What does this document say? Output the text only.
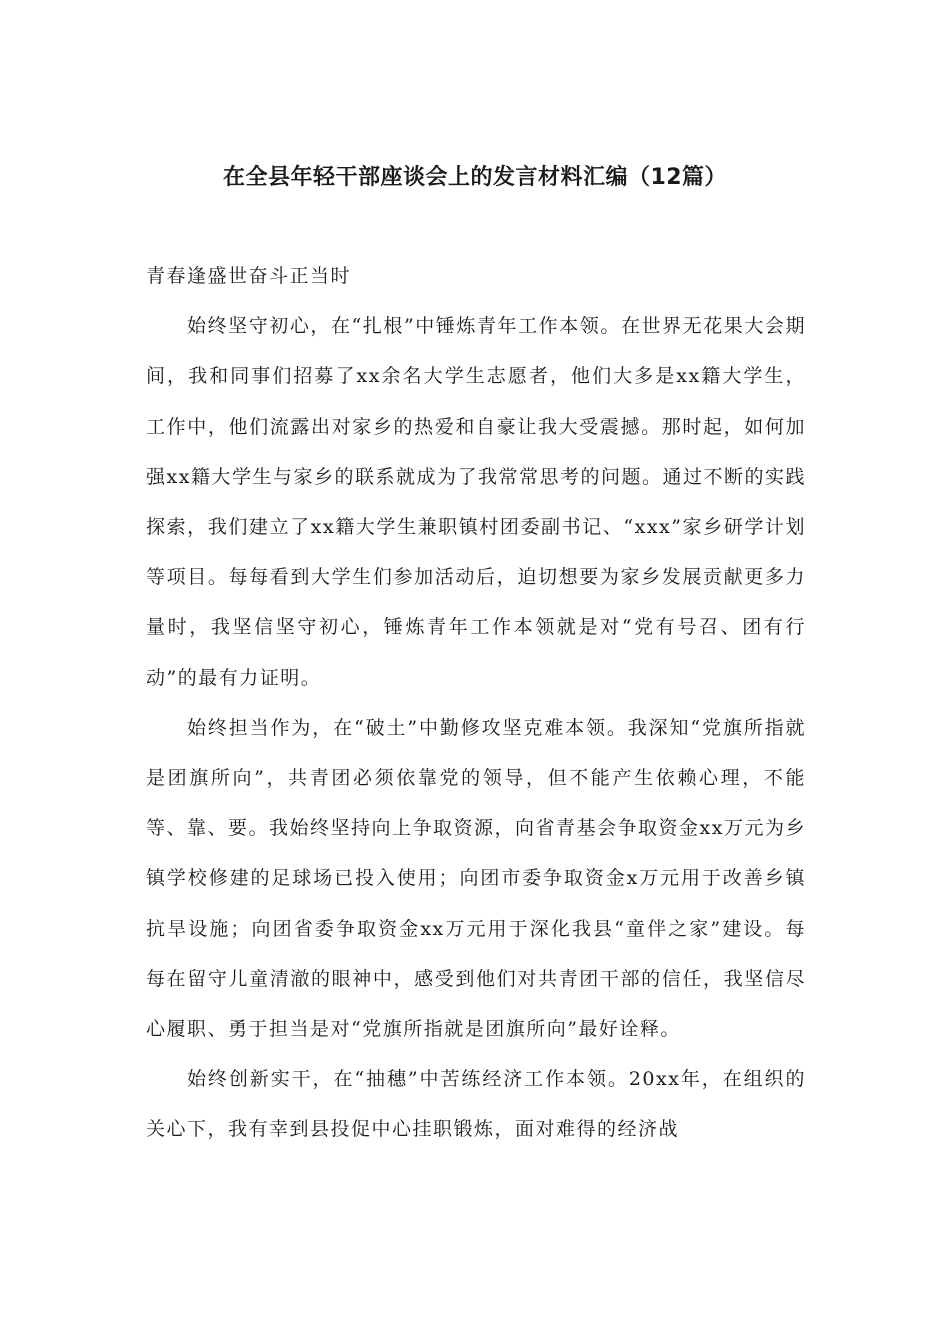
在全县年轻干部座谈会上的发言材料汇编（12篇）

青春逢盛世奋斗正当时

始终坚守初心，在“扎根”中锤炼青年工作本领。在世界无花果大会期间，我和同事们招募了xx余名大学生志愿者，他们大多是xx籍大学生，工作中，他们流露出对家乡的热爱和自豪让我大受震撼。那时起，如何加强xx籍大学生与家乡的联系就成为了我常常思考的问题。通过不断的实践探索，我们建立了xx籍大学生兼职镇村团委副书记、“xxx”家乡研学计划等项目。每每看到大学生们参加活动后，迫切想要为家乡发展贡献更多力量时，我坚信坚守初心，锤炼青年工作本领就是对“党有号召、团有行动”的最有力证明。

始终担当作为，在“破土”中勤修攻坚克难本领。我深知“党旗所指就是团旗所向”，共青团必须依靠党的领导，但不能产生依赖心理，不能等、靠、要。我始终坚持向上争取资源，向省青基会争取资金xx万元为乡镇学校修建的足球场已投入使用；向团市委争取资金x万元用于改善乡镇抗旱设施；向团省委争取资金xx万元用于深化我县“童伴之家”建设。每每在留守儿童清澈的眼神中，感受到他们对共青团干部的信任，我坚信尽心履职、勇于担当是对“党旗所指就是团旗所向”最好诠释。

始终创新实干，在“抽穗”中苦练经济工作本领。20xx年，在组织的关心下，我有幸到县投促中心挂职锻炼，面对难得的经济战
